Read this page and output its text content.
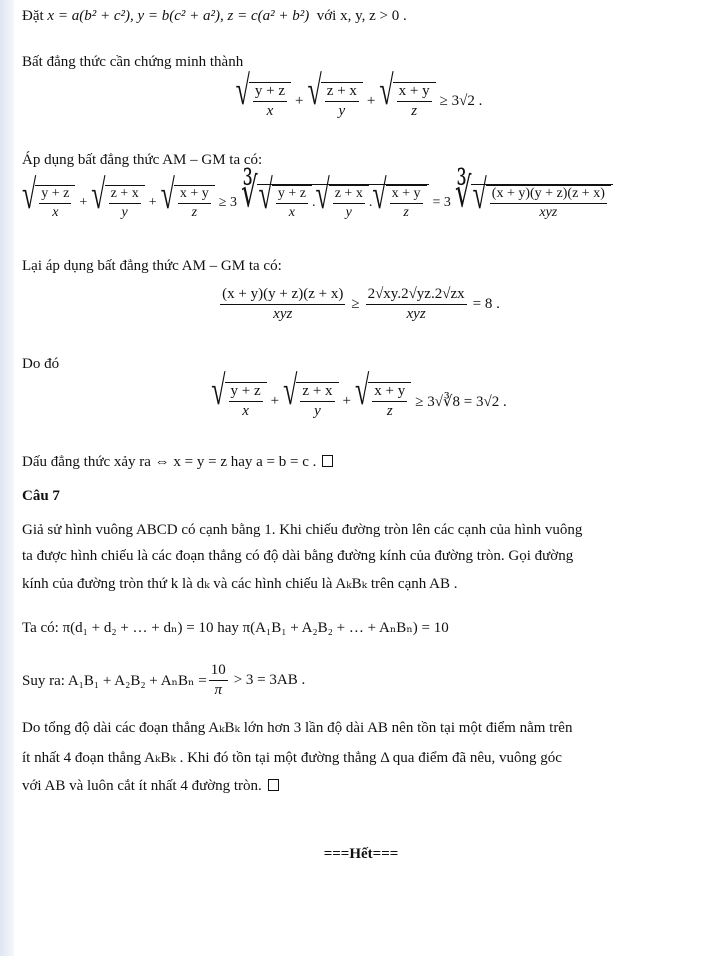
Đặt x = a(b² + c²), y = b(c² + a²), z = c(a² + b²) với x, y, z > 0 .
Bất đẳng thức cần chứng minh thành
√ $\frac{y + z}{x}$ + √ $\frac{z + x}{y}$ + √ $\frac{x + y}{z} \ge 3√2$ .
Áp dụng bất đẳng thức AM – GM ta có:
√ $\frac{y + z}{x}$ + √ $\frac{z + x}{y}$ + √ $\frac{x + y}{z} \ge 3$ ∛ √ $\frac{y + z}{x}$ . √ $\frac{z + x}{y}$ . √ $\frac{x + y}{z} = 3$ ∛ √ $\frac{(x + y)(y + z)(z + x)}{\text{xyz}}$
Lại áp dụng bất đẳng thức AM – GM ta có:
$\frac{(x + y)(y + z)(z + x)}{\text{xyz}} \ge \frac{2√xy.2√yz.2√zx}{\text{xyz}} = 8$ .
Do đó
√ $\frac{y + z}{x}$ + √ $\frac{z + x}{y}$ + √ $\frac{x + y}{z}$ ≥ 3√∛8 = 3√2 .
Dấu đẳng thức xảy ra ⇔ x = y = z hay a = b = c .
Câu 7
Giả sử hình vuông ABCD có cạnh bằng 1. Khi chiếu đường tròn lên các cạnh của hình vuông
ta được hình chiếu là các đoạn thẳng có độ dài bằng đường kính của đường tròn. Gọi đường
kính của đường tròn thứ k là dₖ và các hình chiếu là AₖBₖ trên cạnh AB .
Ta có: π(d₁ + d₂ + … + dₙ) = 10 hay π(A₁B₁ + A₂B₂ + … + AₙBₙ) = 10
Suy ra: $A_1B_1 + A_2B_2 + A_nB_n = \frac{10}{\pi} > 3 = 3AB$ .
Do tổng độ dài các đoạn thẳng AₖBₖ lớn hơn 3 lần độ dài AB nên tồn tại một điểm nằm trên
ít nhất 4 đoạn thẳng AₖBₖ . Khi đó tồn tại một đường thẳng Δ qua điểm đã nêu, vuông góc
với AB và luôn cắt ít nhất 4 đường tròn.
===Hết===
